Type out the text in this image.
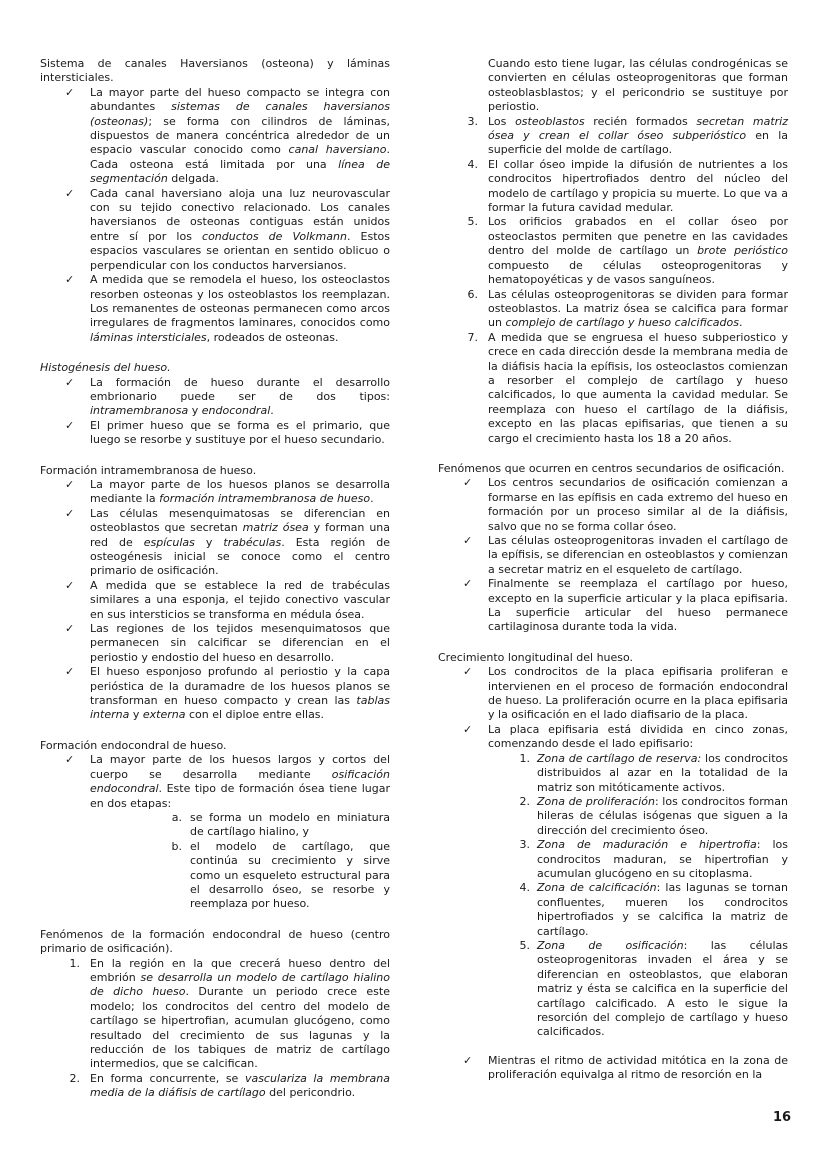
Sistema de canales Haversianos (osteona) y láminas intersticiales.
✓ La mayor parte del hueso compacto se integra con abundantes sistemas de canales haversianos (osteonas); se forma con cilindros de láminas, dispuestos de manera concéntrica alrededor de un espacio vascular conocido como canal haversiano. Cada osteona está limitada por una línea de segmentación delgada.
✓ Cada canal haversiano aloja una luz neurovascular con su tejido conectivo relacionado. Los canales haversianos de osteonas contiguas están unidos entre sí por los conductos de Volkmann. Estos espacios vasculares se orientan en sentido oblicuo o perpendicular con los conductos harversianos.
✓ A medida que se remodela el hueso, los osteoclastos resorben osteonas y los osteoblastos los reemplazan. Los remanentes de osteonas permanecen como arcos irregulares de fragmentos laminares, conocidos como láminas intersticiales, rodeados de osteonas.
Histogénesis del hueso.
✓ La formación de hueso durante el desarrollo embrionario puede ser de dos tipos: intramembranosa y endocondral.
✓ El primer hueso que se forma es el primario, que luego se resorbe y sustituye por el hueso secundario.
Formación intramembranosa de hueso.
✓ La mayor parte de los huesos planos se desarrolla mediante la formación intramembranosa de hueso.
✓ Las células mesenquimatosas se diferencian en osteoblastos que secretan matriz ósea y forman una red de espículas y trabéculas. Esta región de osteogénesis inicial se conoce como el centro primario de osificación.
✓ A medida que se establece la red de trabéculas similares a una esponja, el tejido conectivo vascular en sus intersticios se transforma en médula ósea.
✓ Las regiones de los tejidos mesenquimatosos que permanecen sin calcificar se diferencian en el periostio y endostio del hueso en desarrollo.
✓ El hueso esponjoso profundo al periostio y la capa perióstica de la duramadre de los huesos planos se transforman en hueso compacto y crean las tablas interna y externa con el diploe entre ellas.
Formación endocondral de hueso.
✓ La mayor parte de los huesos largos y cortos del cuerpo se desarrolla mediante osificación endocondral. Este tipo de formación ósea tiene lugar en dos etapas:
a. se forma un modelo en miniatura de cartílago hialino, y
b. el modelo de cartílago, que continúa su crecimiento y sirve como un esqueleto estructural para el desarrollo óseo, se resorbe y reemplaza por hueso.
Fenómenos de la formación endocondral de hueso (centro primario de osificación).
1. En la región en la que crecerá hueso dentro del embrión se desarrolla un modelo de cartílago hialino de dicho hueso. Durante un periodo crece este modelo; los condrocitos del centro del modelo de cartílago se hipertrofian, acumulan glucógeno, como resultado del crecimiento de sus lagunas y la reducción de los tabiques de matriz de cartílago intermedios, que se calcifican.
2. En forma concurrente, se vasculariza la membrana media de la diáfisis de cartílago del pericondrio.
Cuando esto tiene lugar, las células condrogénicas se convierten en células osteoprogenitoras que forman osteoblasblastos; y el pericondrio se sustituye por periostio.
3. Los osteoblastos recién formados secretan matriz ósea y crean el collar óseo subperióstico en la superficie del molde de cartílago.
4. El collar óseo impide la difusión de nutrientes a los condrocitos hipertrofiados dentro del núcleo del modelo de cartílago y propicia su muerte. Lo que va a formar la futura cavidad medular.
5. Los orificios grabados en el collar óseo por osteoclastos permiten que penetre en las cavidades dentro del molde de cartílago un brote perióstico compuesto de células osteoprogenitoras y hematopoyéticas y de vasos sanguíneos.
6. Las células osteoprogenitoras se dividen para formar osteoblastos. La matriz ósea se calcifica para formar un complejo de cartílago y hueso calcificados.
7. A medida que se engruesa el hueso subperiostico y crece en cada dirección desde la membrana media de la diáfisis hacia la epífisis, los osteoclastos comienzan a resorber el complejo de cartílago y hueso calcificados, lo que aumenta la cavidad medular. Se reemplaza con hueso el cartílago de la diáfisis, excepto en las placas epifisarias, que tienen a su cargo el crecimiento hasta los 18 a 20 años.
Fenómenos que ocurren en centros secundarios de osificación.
✓ Los centros secundarios de osificación comienzan a formarse en las epífisis en cada extremo del hueso en formación por un proceso similar al de la diáfisis, salvo que no se forma collar óseo.
✓ Las células osteoprogenitoras invaden el cartílago de la epífisis, se diferencian en osteoblastos y comienzan a secretar matriz en el esqueleto de cartílago.
✓ Finalmente se reemplaza el cartílago por hueso, excepto en la superficie articular y la placa epifisaria. La superficie articular del hueso permanece cartilaginosa durante toda la vida.
Crecimiento longitudinal del hueso.
✓ Los condrocitos de la placa epifisaria proliferan e intervienen en el proceso de formación endocondral de hueso. La proliferación ocurre en la placa epifisaria y la osificación en el lado diafisario de la placa.
✓ La placa epifisaria está dividida en cinco zonas, comenzando desde el lado epifisario:
1. Zona de cartílago de reserva: los condrocitos distribuidos al azar en la totalidad de la matriz son mitóticamente activos.
2. Zona de proliferación: los condrocitos forman hileras de células isógenas que siguen a la dirección del crecimiento óseo.
3. Zona de maduración e hipertrofia: los condrocitos maduran, se hipertrofian y acumulan glucógeno en su citoplasma.
4. Zona de calcificación: las lagunas se tornan confluentes, mueren los condrocitos hipertrofiados y se calcifica la matriz de cartílago.
5. Zona de osificación: las células osteoprogenitoras invaden el área y se diferencian en osteoblastos, que elaboran matriz y ésta se calcifica en la superficie del cartílago calcificado. A esto le sigue la resorción del complejo de cartílago y hueso calcificados.
✓ Mientras el ritmo de actividad mitótica en la zona de proliferación equivalga al ritmo de resorción en la
16
